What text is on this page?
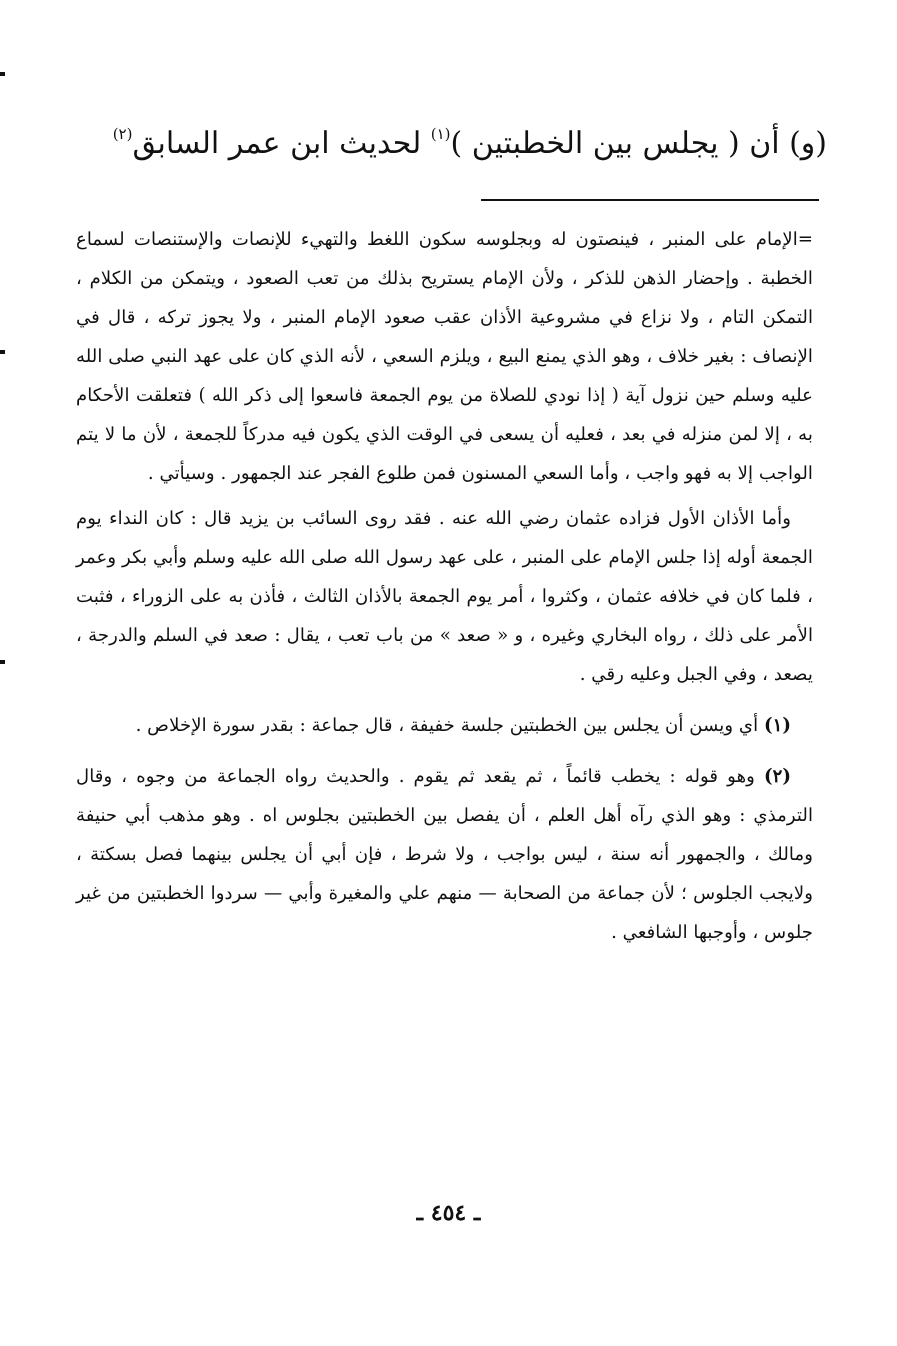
(و) أن ( يجلس بين الخطبتين )$^{(١)}$ لحديث ابن عمر السابق$^{(٢)}$

=الإمام على المنبر ، فينصتون له وبجلوسه سكون اللغط والتهيء للإنصات والإستنصات لسماع الخطبة . وإحضار الذهن للذكر ، ولأن الإمام يستريح بذلك من تعب الصعود ، ويتمكن من الكلام ، التمكن التام ، ولا نزاع في مشروعية الأذان عقب صعود الإمام المنبر ، ولا يجوز تركه ، قال في الإنصاف : بغير خلاف ، وهو الذي يمنع البيع ، ويلزم السعي ، لأنه الذي كان على عهد النبي صلى الله عليه وسلم حين نزول آية ( إذا نودي للصلاة من يوم الجمعة فاسعوا إلى ذكر الله ) فتعلقت الأحكام به ، إلا لمن منزله في بعد ، فعليه أن يسعى في الوقت الذي يكون فيه مدركاً للجمعة ، لأن ما لا يتم الواجب إلا به فهو واجب ، وأما السعي المسنون فمن طلوع الفجر عند الجمهور . وسيأتي .

وأما الأذان الأول فزاده عثمان رضي الله عنه . فقد روى السائب بن يزيد قال : كان النداء يوم الجمعة أوله إذا جلس الإمام على المنبر ، على عهد رسول الله صلى الله عليه وسلم وأبي بكر وعمر ، فلما كان في خلافه عثمان ، وكثروا ، أمر يوم الجمعة بالأذان الثالث ، فأذن به على الزوراء ، فثبت الأمر على ذلك ، رواه البخاري وغيره ، و « صعد » من باب تعب ، يقال : صعد في السلم والدرجة ، يصعد ، وفي الجبل وعليه رقي .

(١) أي ويسن أن يجلس بين الخطبتين جلسة خفيفة ، قال جماعة : بقدر سورة الإخلاص .

(٢) وهو قوله : يخطب قائماً ، ثم يقعد ثم يقوم . والحديث رواه الجماعة من وجوه ، وقال الترمذي : وهو الذي رآه أهل العلم ، أن يفصل بين الخطبتين بجلوس اه . وهو مذهب أبي حنيفة ومالك ، والجمهور أنه سنة ، ليس بواجب ، ولا شرط ، فإن أبي أن يجلس بينهما فصل بسكتة ، ولايجب الجلوس ؛ لأن جماعة من الصحابة — منهم علي والمغيرة وأبي — سردوا الخطبتين من غير جلوس ، وأوجبها الشافعي .

ـ ٤٥٤ ـ
